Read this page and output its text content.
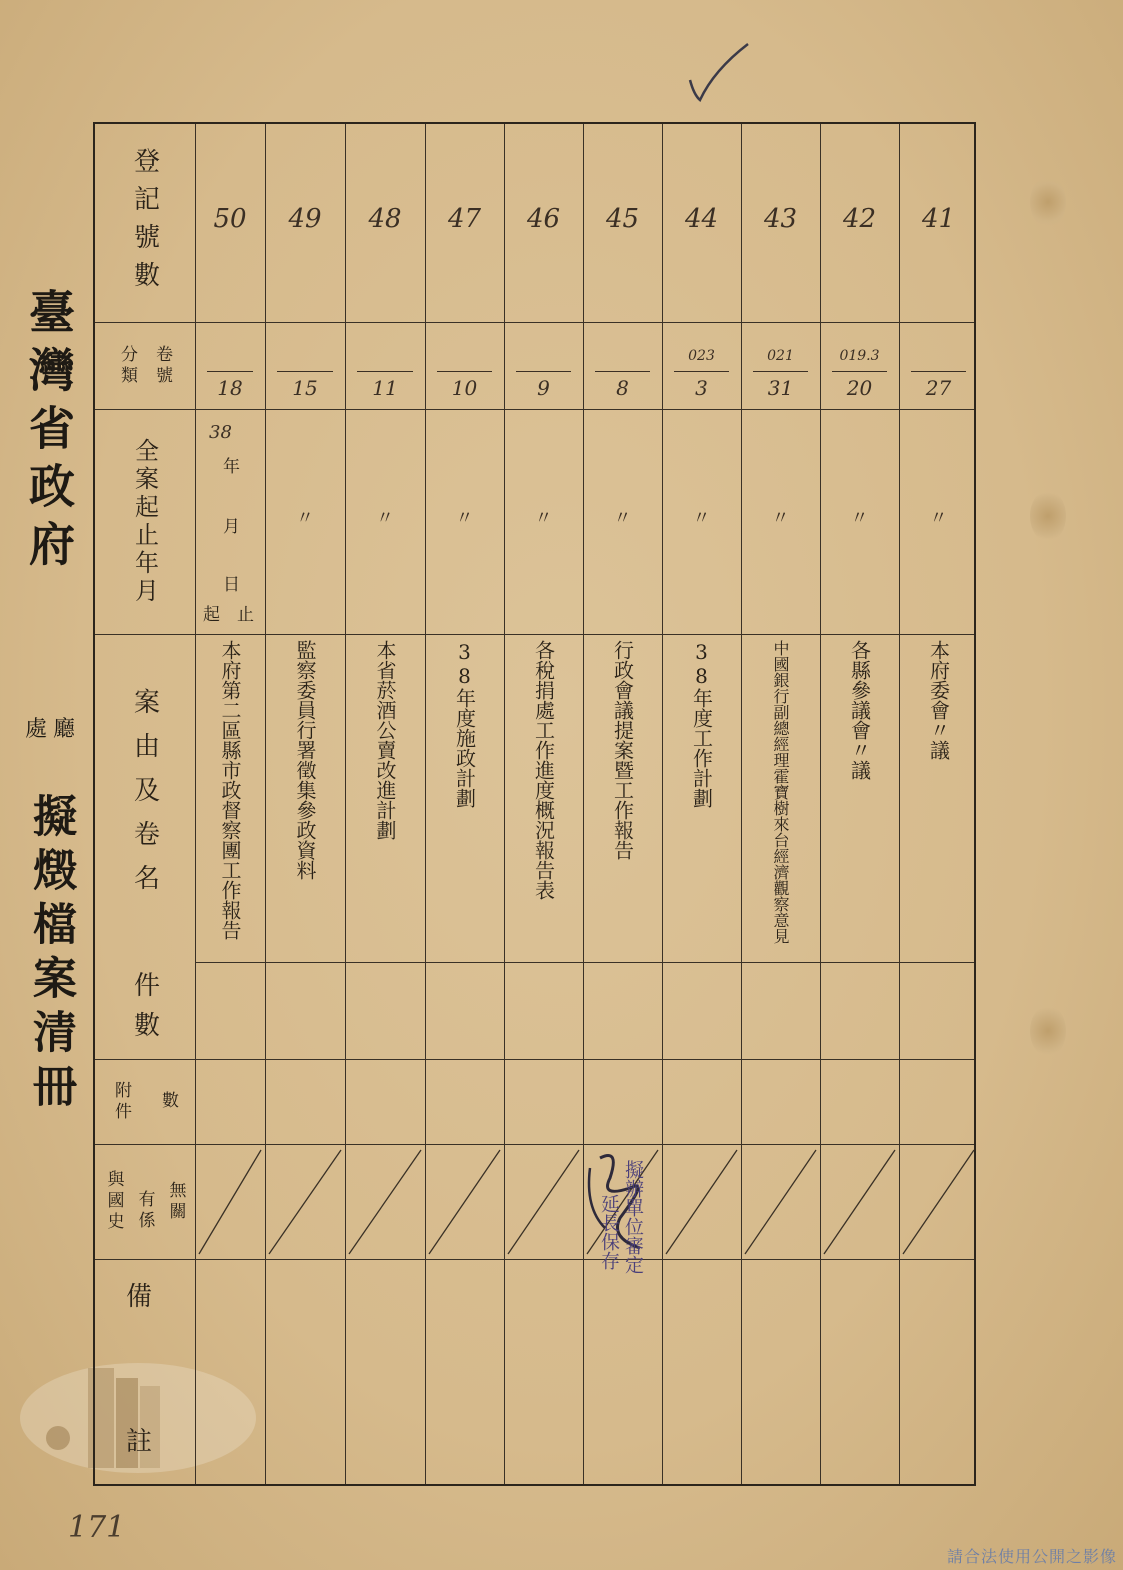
臺灣省政府
處廳
擬燬檔案清冊
登記號數
分類 卷號
全案起止年月
案由及卷名
件數
附件 數
無關
有係
與國史
備
註
38
年
月
日
起 止
50
18
本府第二區縣市政督察團工作報告
49
15
〃
監察委員行署徵集參政資料
48
11
〃
本省菸酒公賣改進計劃
47
10
〃
38年度施政計劃
46
9
〃
各稅捐處工作進度概況報告表
45
8
〃
行政會議提案暨工作報告
44
023
3
〃
38年度工作計劃
43
021
31
〃
中國銀行副總經理霍寶樹來台經濟觀察意見
42
019.3
20
〃
各縣參議會〃議
41
27
〃
本府委會〃議
延長保存 擬辦單位審定
171
請合法使用公開之影像
